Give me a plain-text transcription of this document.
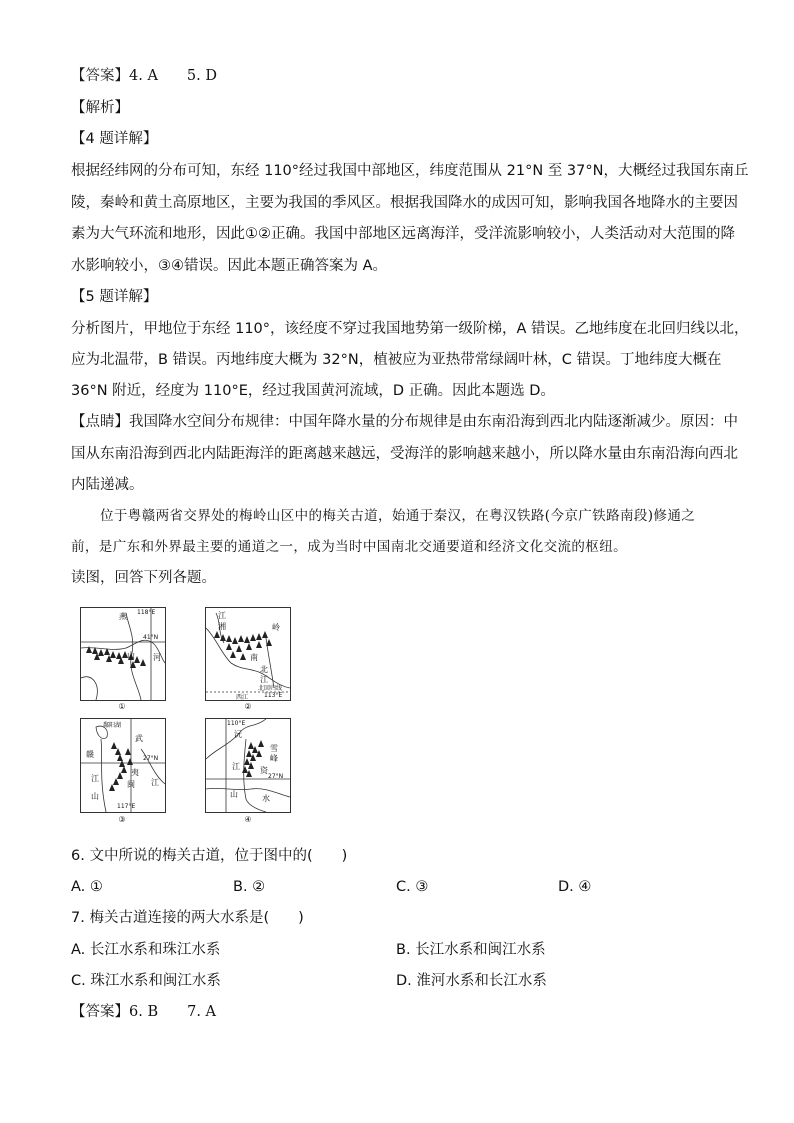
【答案】4. A　　5. D
【解析】
【4 题详解】
根据经纬网的分布可知，东经 110°经过我国中部地区，纬度范围从 21°N 至 37°N，大概经过我国东南丘
陵，秦岭和黄土高原地区，主要为我国的季风区。根据我国降水的成因可知，影响我国各地降水的主要因
素为大气环流和地形，因此①②正确。我国中部地区远离海洋，受洋流影响较小，人类活动对大范围的降
水影响较小，③④错误。因此本题正确答案为 A。
【5 题详解】
分析图片，甲地位于东经 110°，该经度不穿过我国地势第一级阶梯，A 错误。乙地纬度在北回归线以北，
应为北温带，B 错误。丙地纬度大概为 32°N，植被应为亚热带常绿阔叶林，C 错误。丁地纬度大概在
36°N 附近，经度为 110°E，经过我国黄河流域，D 正确。因此本题选 D。
【点睛】我国降水空间分布规律：中国年降水量的分布规律是由东南沿海到西北内陆逐渐减少。原因：中
国从东南沿海到西北内陆距海洋的距离越来越远，受海洋的影响越来越小，所以降水量由东南沿海向西北
内陆递减。
位于粤赣两省交界处的梅岭山区中的梅关古道，始通于秦汉，在粤汉铁路(今京广铁路南段)修通之
前，是广东和外界最主要的通道之一，成为当时中国南北交通要道和经济文化交流的枢纽。
读图，回答下列各题。
燕 118°E
41°N
山 河
①
江
湘	岭
南
北
江
北回归线
西江	113°E
②
鄱阳湖
武
赣	27°N
夷
闽
江	江
山
117°E
③
110°E
沅
雪
峰
江	资
27°N
山	水
④
6. 文中所说的梅关古道，位于图中的(　　)
A. ①	B. ②	C. ③	D. ④
7. 梅关古道连接的两大水系是(　　)
A. 长江水系和珠江水系	B. 长江水系和闽江水系
C. 珠江水系和闽江水系	D. 淮河水系和长江水系
【答案】6. B　　7. A
